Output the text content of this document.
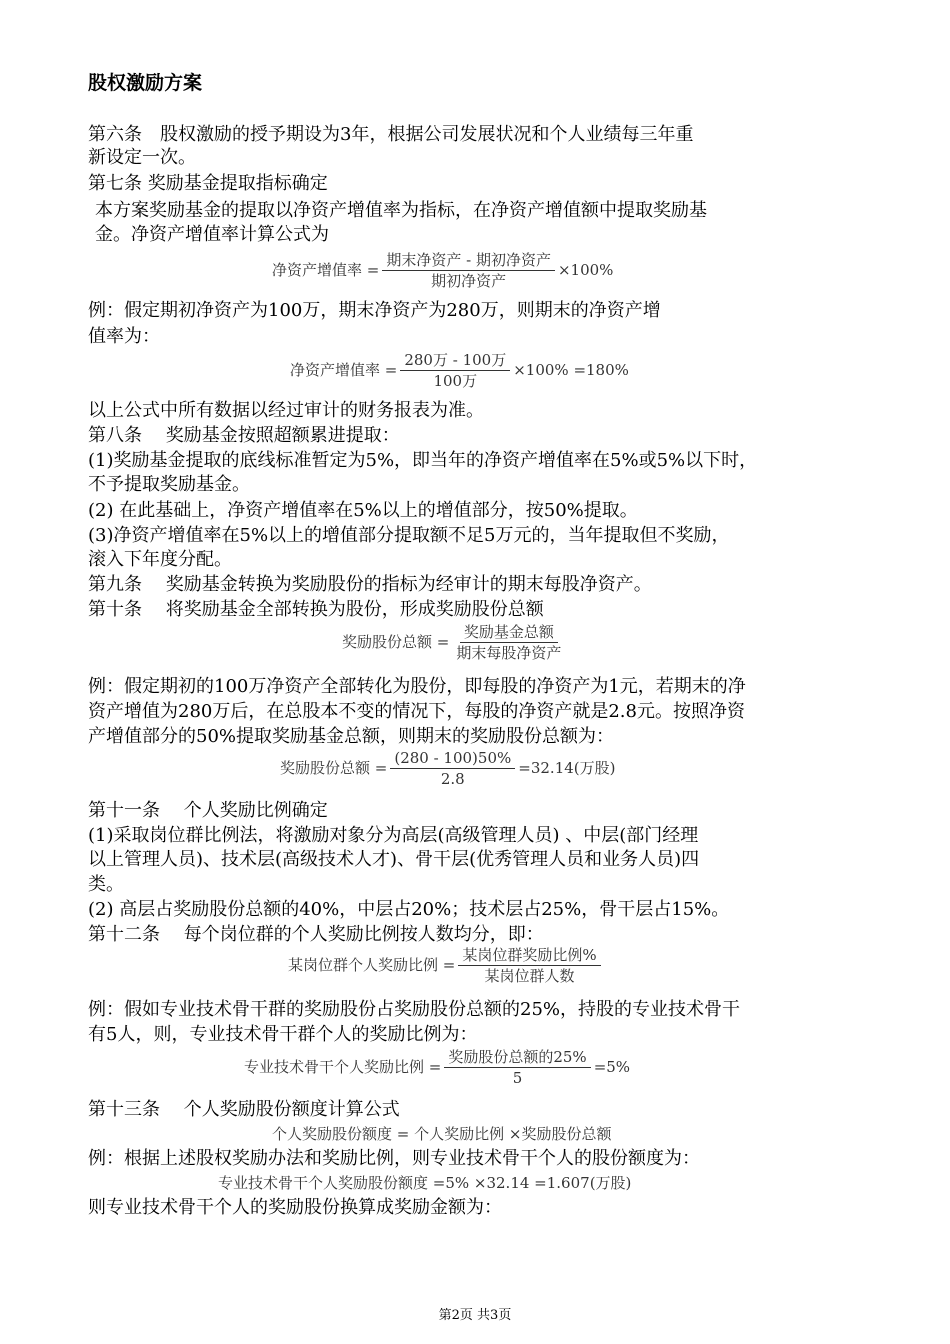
股权激励方案
第六条　股权激励的授予期设为3年，根据公司发展状况和个人业绩每三年重
新设定一次。
第七条 奖励基金提取指标确定
本方案奖励基金的提取以净资产增值率为指标，在净资产增值额中提取奖励基
金。净资产增值率计算公式为
净资产增值率 = $\frac{\text{期末净资产 - 期初净资产}}{\text{期初净资产}} \times 100\%$
例：假定期初净资产为100万，期末净资产为280万，则期末的净资产增
值率为：
净资产增值率 = $\frac{\text{280万 - 100万}}{\text{100万}} \times 100\% =180\%$
以上公式中所有数据以经过审计的财务报表为准。
第八条　 奖励基金按照超额累进提取：
(1)奖励基金提取的底线标准暂定为5%，即当年的净资产增值率在5%或5%以下时，
不予提取奖励基金。
(2) 在此基础上，净资产增值率在5%以上的增值部分，按50%提取。
(3)净资产增值率在5%以上的增值部分提取额不足5万元的，当年提取但不奖励，
滚入下年度分配。
第九条　 奖励基金转换为奖励股份的指标为经审计的期末每股净资产。
第十条　 将奖励基金全部转换为股份，形成奖励股份总额
奖励股份总额 = $\frac{\text{奖励基金总额}}{\text{期末每股净资产}}$
例：假定期初的100万净资产全部转化为股份，即每股的净资产为1元，若期末的净
资产增值为280万后，在总股本不变的情况下，每股的净资产就是2.8元。按照净资
产增值部分的50%提取奖励基金总额，则期末的奖励股份总额为：
奖励股份总额 = $\frac{(280 - 100)50\%}{2.8} =32.14$(万股)
第十一条　 个人奖励比例确定
(1)采取岗位群比例法，将激励对象分为高层(高级管理人员) 、中层(部门经理
以上管理人员)、技术层(高级技术人才)、骨干层(优秀管理人员和业务人员)四
类。
(2) 高层占奖励股份总额的40%，中层占20%；技术层占25%，骨干层占15%。
第十二条　 每个岗位群的个人奖励比例按人数均分，即：
某岗位群个人奖励比例 = $\frac{\text{某岗位群奖励比例\%}}{\text{某岗位群人数}}$
例：假如专业技术骨干群的奖励股份占奖励股份总额的25%，持股的专业技术骨干
有5人，则，专业技术骨干群个人的奖励比例为：
专业技术骨干个人奖励比例 = $\frac{\text{奖励股份总额的25\%}}{5} =5\%$
第十三条　 个人奖励股份额度计算公式
个人奖励股份额度 = 个人奖励比例 ×奖励股份总额
例：根据上述股权奖励办法和奖励比例，则专业技术骨干个人的股份额度为：
专业技术骨干个人奖励股份额度 =5% ×32.14 =1.607(万股)
则专业技术骨干个人的奖励股份换算成奖励金额为：
第2页 共3页
